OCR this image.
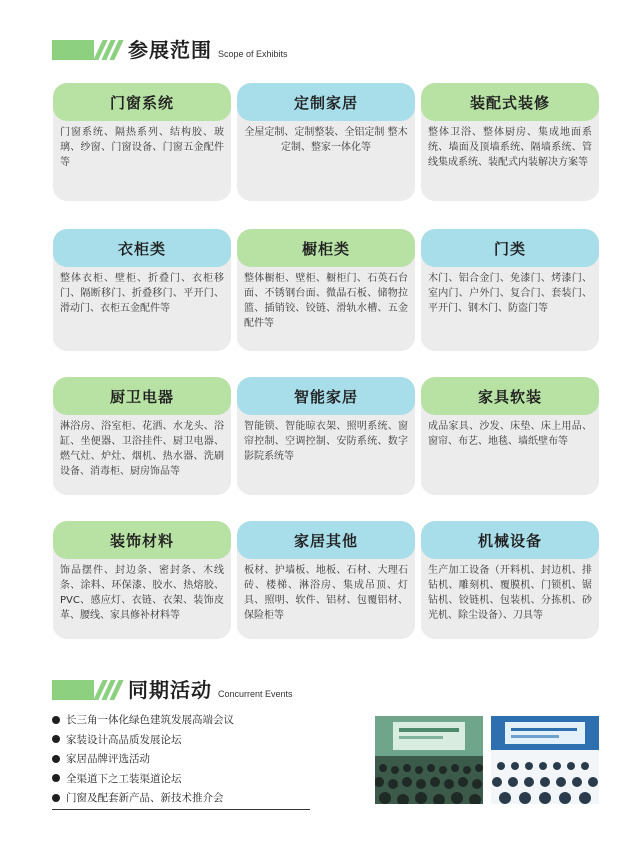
参展范围 Scope of Exhibits
门窗系统
门窗系统、隔热系列、结构胶、玻璃、纱窗、门窗设备、门窗五金配件等
定制家居
全屋定制、定制整装、全铝定制 整木定制、整家一体化等
装配式装修
整体卫浴、整体厨房、集成地面系统、墙面及顶墙系统、隔墙系统、管线集成系统、装配式内装解决方案等
衣柜类
整体衣柜、壁柜、折叠门、衣柜移门、隔断移门、折叠移门、平开门、滑动门、衣柜五金配件等
橱柜类
整体橱柜、壁柜、橱柜门、石英石台面、不锈钢台面、微晶石板、储物拉篮、插销铰、铰链、滑轨水槽、五金配件等
门类
木门、铝合金门、免漆门、烤漆门、室内门、户外门、复合门、套装门、平开门、钢木门、防盗门等
厨卫电器
淋浴房、浴室柜、花洒、水龙头、浴缸、坐便器、卫浴挂件、厨卫电器、燃气灶、炉灶、烟机、热水器、洗刷设备、消毒柜、厨房饰品等
智能家居
智能锁、智能晾衣架、照明系统、窗帘控制、空调控制、安防系统、数字影院系统等
家具软装
成品家具、沙发、床垫、床上用品、窗帘、布艺、地毯、墙纸壁布等
装饰材料
饰品摆件、封边条、密封条、木线条、涂料、环保漆、胶水、热熔胶、PVC、感应灯、衣链、衣架、装饰皮革、腰线、家具修补材料等
家居其他
板材、护墙板、地板、石材、大理石砖、楼梯、淋浴房、集成吊顶、灯具、照明、软件、铝材、包覆铝材、保险柜等
机械设备
生产加工设备（开料机、封边机、排钻机、雕刻机、覆膜机、门锁机、锯钻机、铰链机、包装机、分拣机、砂光机、除尘设备）、刀具等
同期活动 Concurrent Events
长三角一体化绿色建筑发展高端会议
家装设计高品质发展论坛
家居品牌评选活动
全渠道下之工装渠道论坛
门窗及配套新产品、新技术推介会
